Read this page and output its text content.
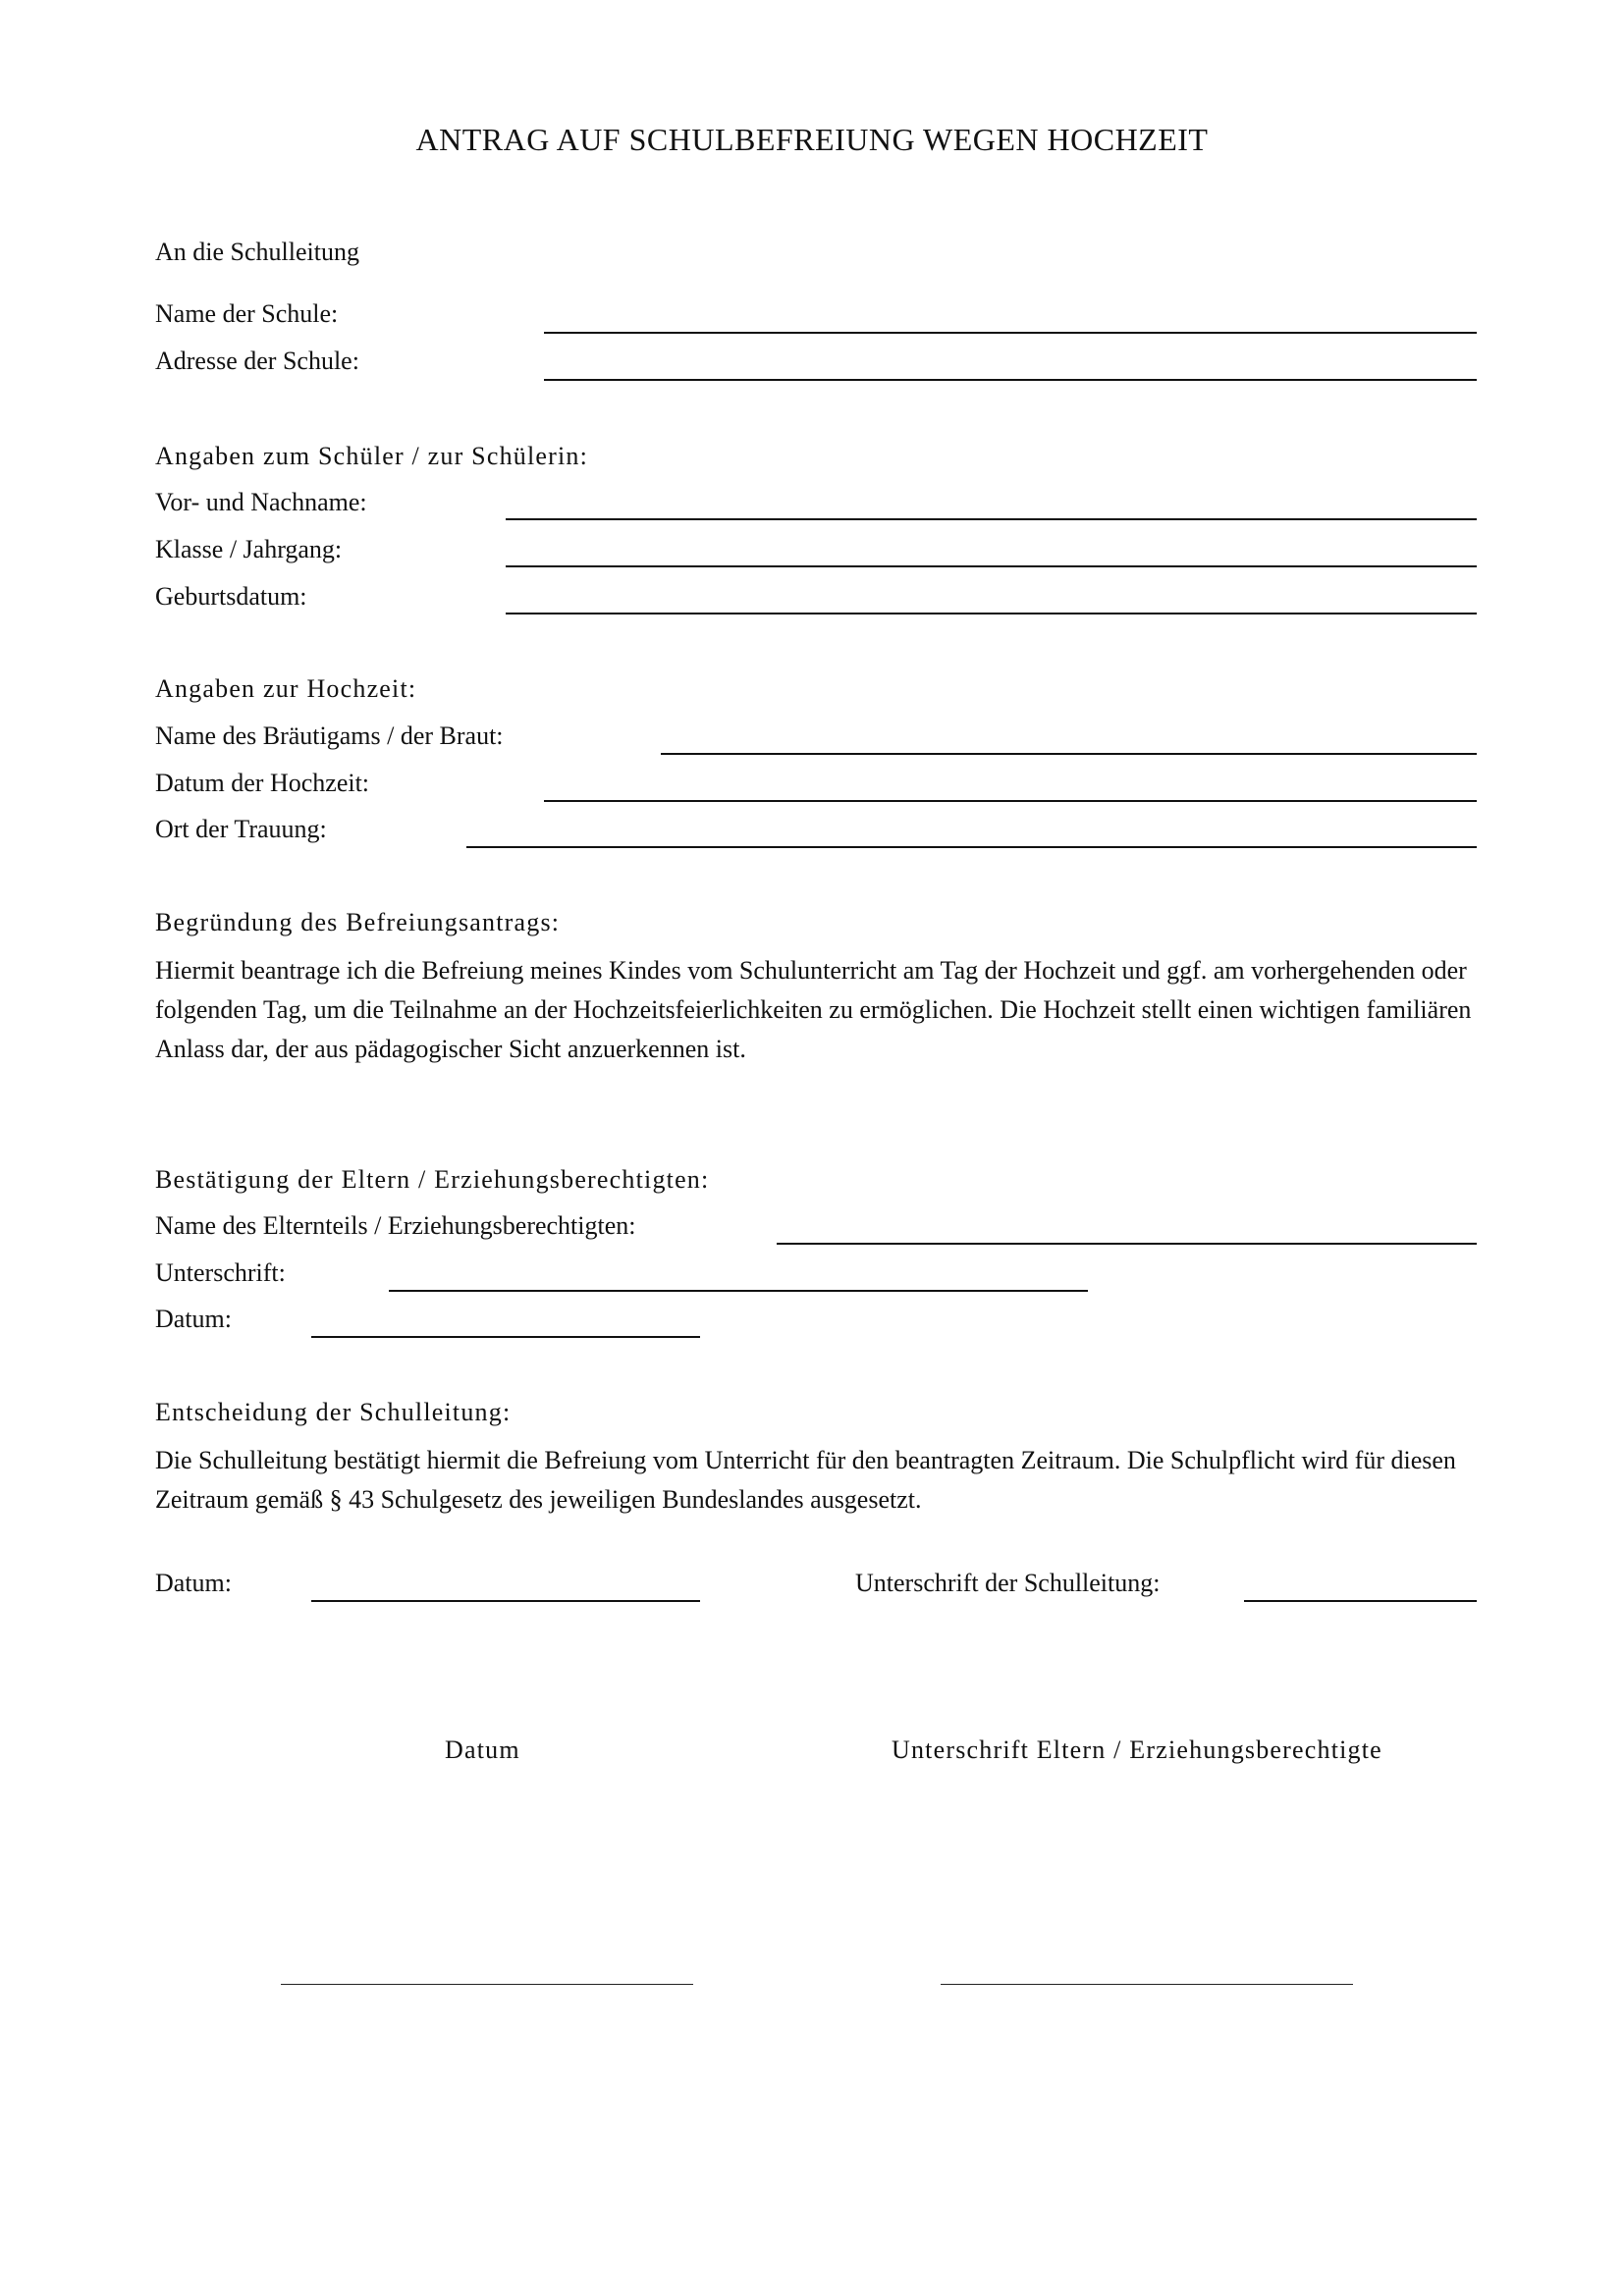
ANTRAG AUF SCHULBEFREIUNG WEGEN HOCHZEIT
An die Schulleitung
Name der Schule:
Adresse der Schule:
Angaben zum Schüler / zur Schülerin:
Vor- und Nachname:
Klasse / Jahrgang:
Geburtsdatum:
Angaben zur Hochzeit:
Name des Bräutigams / der Braut:
Datum der Hochzeit:
Ort der Trauung:
Begründung des Befreiungsantrags:
Hiermit beantrage ich die Befreiung meines Kindes vom Schulunterricht am Tag der Hochzeit und ggf. am vorhergehenden oder folgenden Tag, um die Teilnahme an der Hochzeitsfeierlichkeiten zu ermöglichen. Die Hochzeit stellt einen wichtigen familiären Anlass dar, der aus pädagogischer Sicht anzuerkennen ist.
Bestätigung der Eltern / Erziehungsberechtigten:
Name des Elternteils / Erziehungsberechtigten:
Unterschrift:
Datum:
Entscheidung der Schulleitung:
Die Schulleitung bestätigt hiermit die Befreiung vom Unterricht für den beantragten Zeitraum. Die Schulpflicht wird für diesen Zeitraum gemäß § 43 Schulgesetz des jeweiligen Bundeslandes ausgesetzt.
Datum:	Unterschrift der Schulleitung:
Datum	Unterschrift Eltern / Erziehungsberechtigte
